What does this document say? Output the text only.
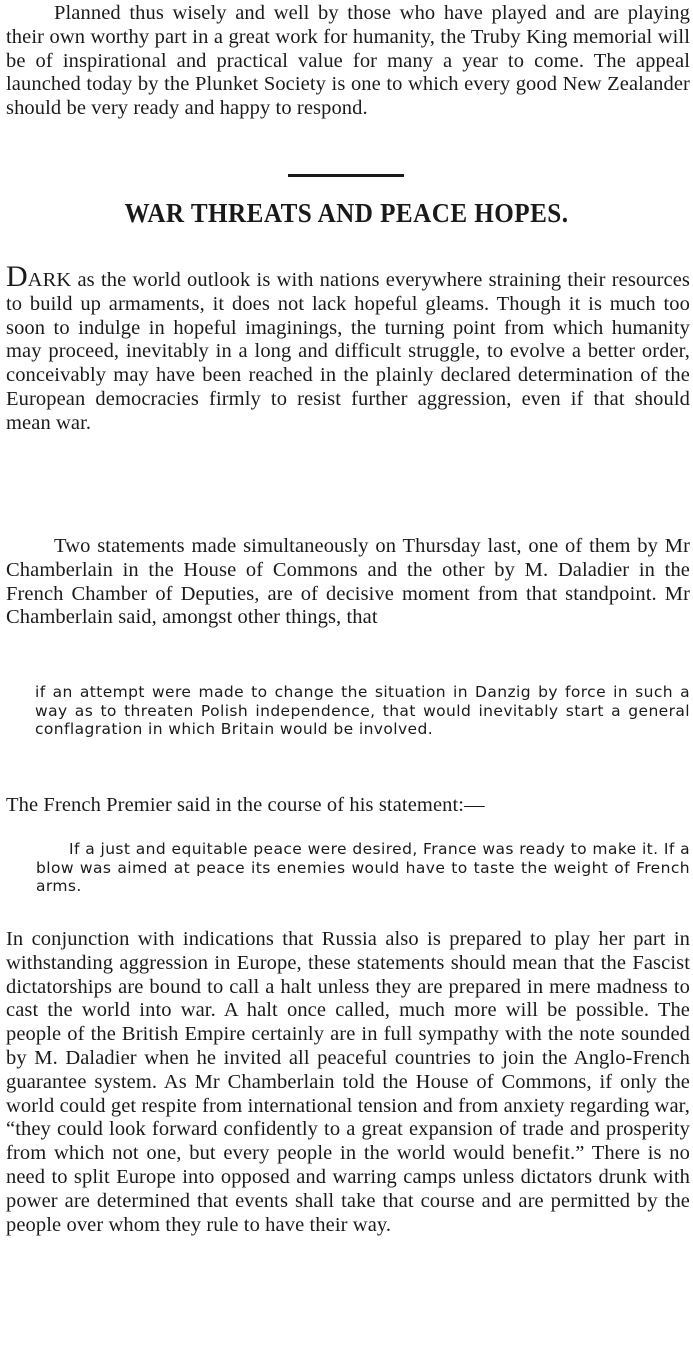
Planned thus wisely and well by those who have played and are playing their own worthy part in a great work for humanity, the Truby King memorial will be of inspirational and practical value for many a year to come. The appeal launched today by the Plunket Society is one to which every good New Zealander should be very ready and happy to respond.

WAR THREATS AND PEACE HOPES.

DARK as the world outlook is with nations everywhere straining their resources to build up armaments, it does not lack hopeful gleams. Though it is much too soon to indulge in hopeful imaginings, the turning point from which humanity may proceed, inevitably in a long and difficult struggle, to evolve a better order, conceivably may have been reached in the plainly declared determination of the European democracies firmly to resist further aggression, even if that should mean war.

Two statements made simultaneously on Thursday last, one of them by Mr Chamberlain in the House of Commons and the other by M. Daladier in the French Chamber of Deputies, are of decisive moment from that standpoint. Mr Chamberlain said, amongst other things, that

if an attempt were made to change the situation in Danzig by force in such a way as to threaten Polish independence, that would inevitably start a general conflagration in which Britain would be involved.

The French Premier said in the course of his statement:—

If a just and equitable peace were desired, France was ready to make it. If a blow was aimed at peace its enemies would have to taste the weight of French arms.

In conjunction with indications that Russia also is prepared to play her part in withstanding aggression in Europe, these statements should mean that the Fascist dictatorships are bound to call a halt unless they are prepared in mere madness to cast the world into war. A halt once called, much more will be possible. The people of the British Empire certainly are in full sympathy with the note sounded by M. Daladier when he invited all peaceful countries to join the Anglo-French guarantee system. As Mr Chamberlain told the House of Commons, if only the world could get respite from international tension and from anxiety regarding war, “they could look forward confidently to a great expansion of trade and prosperity from which not one, but every people in the world would benefit.” There is no need to split Europe into opposed and warring camps unless dictators drunk with power are determined that events shall take that course and are permitted by the people over whom they rule to have their way.
